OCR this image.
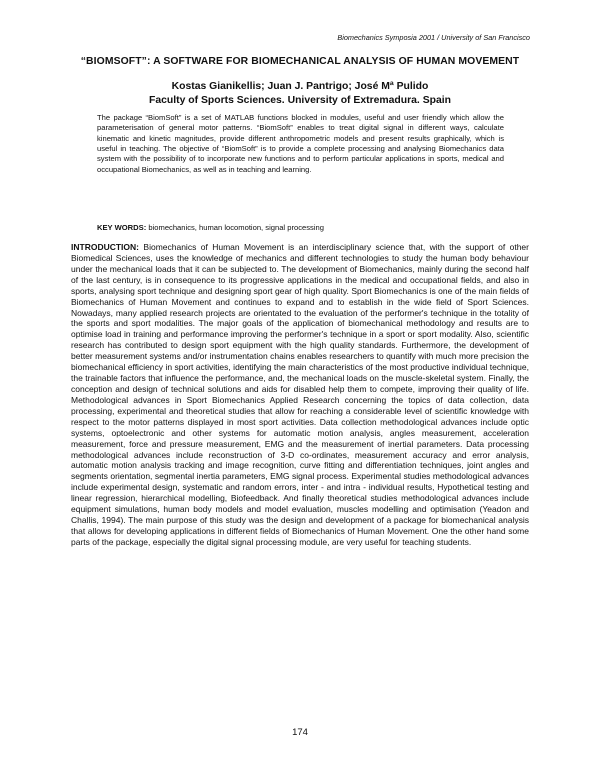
Biomechanics Symposia 2001 / University of San Francisco
“BIOMSOFT”: A SOFTWARE FOR BIOMECHANICAL ANALYSIS OF HUMAN MOVEMENT
Kostas Gianikellis; Juan J. Pantrigo; José Mª Pulido
Faculty of Sports Sciences. University of Extremadura. Spain

The package “BiomSoft” is a set of MATLAB functions blocked in modules, useful and user friendly which allow the parameterisation of general motor patterns. “BiomSoft” enables to treat digital signal in different ways, calculate kinematic and kinetic magnitudes, provide different anthropometric models and present results graphically, which is useful in teaching. The objective of “BiomSoft” is to provide a complete processing and analysing Biomechanics data system with the possibility of to incorporate new functions and to perform particular applications in sports, medical and occupational Biomechanics, as well as in teaching and learning.

KEY WORDS: biomechanics, human locomotion, signal processing

INTRODUCTION: Biomechanics of Human Movement is an interdisciplinary science that, with the support of other Biomedical Sciences, uses the knowledge of mechanics and different technologies to study the human body behaviour under the mechanical loads that it can be subjected to. The development of Biomechanics, mainly during the second half of the last century, is in consequence to its progressive applications in the medical and occupational fields, and also in sports, analysing sport technique and designing sport gear of high quality. Sport Biomechanics is one of the main fields of Biomechanics of Human Movement and continues to expand and to establish in the wide field of Sport Sciences. Nowadays, many applied research projects are orientated to the evaluation of the performer's technique in the totality of the sports and sport modalities. The major goals of the application of biomechanical methodology and results are to optimise load in training and performance improving the performer's technique in a sport or sport modality. Also, scientific research has contributed to design sport equipment with the high quality standards. Furthermore, the development of better measurement systems and/or instrumentation chains enables researchers to quantify with much more precision the biomechanical efficiency in sport activities, identifying the main characteristics of the most productive individual technique, the trainable factors that influence the performance, and, the mechanical loads on the muscle-skeletal system. Finally, the conception and design of technical solutions and aids for disabled help them to compete, improving their quality of life. Methodological advances in Sport Biomechanics Applied Research concerning the topics of data collection, data processing, experimental and theoretical studies that allow for reaching a considerable level of scientific knowledge with respect to the motor patterns displayed in most sport activities. Data collection methodological advances include optic systems, optoelectronic and other systems for automatic motion analysis, angles measurement, acceleration measurement, force and pressure measurement, EMG and the measurement of inertial parameters. Data processing methodological advances include reconstruction of 3-D co-ordinates, measurement accuracy and error analysis, automatic motion analysis tracking and image recognition, curve fitting and differentiation techniques, joint angles and segments orientation, segmental inertia parameters, EMG signal process. Experimental studies methodological advances include experimental design, systematic and random errors, inter - and intra - individual results, Hypothetical testing and linear regression, hierarchical modelling, Biofeedback. And finally theoretical studies methodological advances include equipment simulations, human body models and model evaluation, muscles modelling and optimisation (Yeadon and Challis, 1994). The main purpose of this study was the design and development of a package for biomechanical analysis that allows for developing applications in different fields of Biomechanics of Human Movement. One the other hand some parts of the package, especially the digital signal processing module, are very useful for teaching students.

174
